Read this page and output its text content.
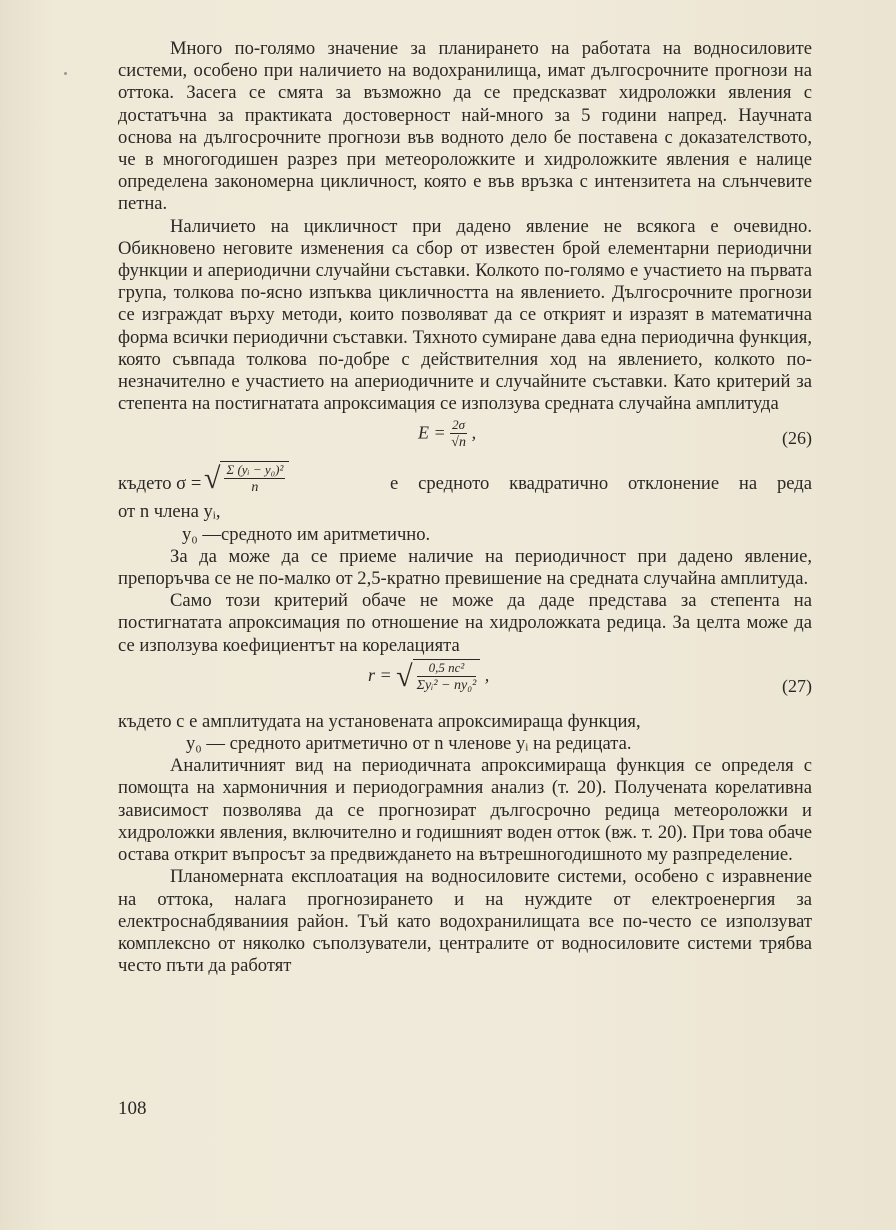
Много по-голямо значение за планирането на работата на водносиловите системи, особено при наличието на водохранилища, имат дългосрочните прогнози на оттока. Засега се смята за възможно да се предсказват хидроложки явления с достатъчна за практиката достоверност най-много за 5 години напред. Научната основа на дългосрочните прогнози във водното дело бе поставена с доказателството, че в многогодишен разрез при метеороложките и хидроложките явления е налице определена закономерна цикличност, която е във връзка с интензитета на слънчевите петна.

Наличието на цикличност при дадено явление не всякога е очевидно. Обикновено неговите изменения са сбор от известен брой елементарни периодични функции и апериодични случайни съставки. Колкото по-голямо е участието на първата група, толкова по-ясно изпъква цикличността на явлението. Дългосрочните прогнози се изграждат върху методи, които позволяват да се открият и изразят в математична форма всички периодични съставки. Тяхното сумиране дава една периодична функция, която съвпада толкова по-добре с действителния ход на явлението, колкото по-незначително е участието на апериодичните и случайните съставки. Като критерий за степента на постигнатата апроксимация се използува средната случайна амплитуда

$E = \frac{2\sigma}{√n}$ ,	(26)
където σ = √ $\frac{\text{Σ (yᵢ − y₀)²}}{n}$	е средното квадратично отклонение на реда

от n члена yᵢ,

y₀ —средното им аритметично.

За да може да се приеме наличие на периодичност при дадено явление, препоръчва се не по-малко от 2,5-кратно превишение на средната случайна амплитуда.

Само този критерий обаче не може да даде представа за степента на постигнатата апроксимация по отношение на хидроложката редица. За целта може да се използува коефициентът на корелацията

r = √ $\frac{\text{0,5 nc²}}{\text{Σyᵢ² − ny₀²}}$ ,
(27)

където c е амплитудата на установената апроксимираща функция,

y₀ — средното аритметично от n членове yᵢ на редицата.

Аналитичният вид на периодичната апроксимираща функция се определя с помощта на хармоничния и периодограмния анализ (т. 20). Получената корелативна зависимост позволява да се прогнозират дългосрочно редица метеороложки и хидроложки явления, включително и годишният воден отток (вж. т. 20). При това обаче остава открит въпросът за предвиждането на вътрешногодишното му разпределение.

Планомерната експлоатация на водносиловите системи, особено с изравнение на оттока, налага прогнозирането и на нуждите от електроенергия за електроснабдяваниия район. Тъй като водохранилищата все по-често се използуват комплексно от няколко съползуватели, централите от водносиловите системи трябва често пъти да работят

108
